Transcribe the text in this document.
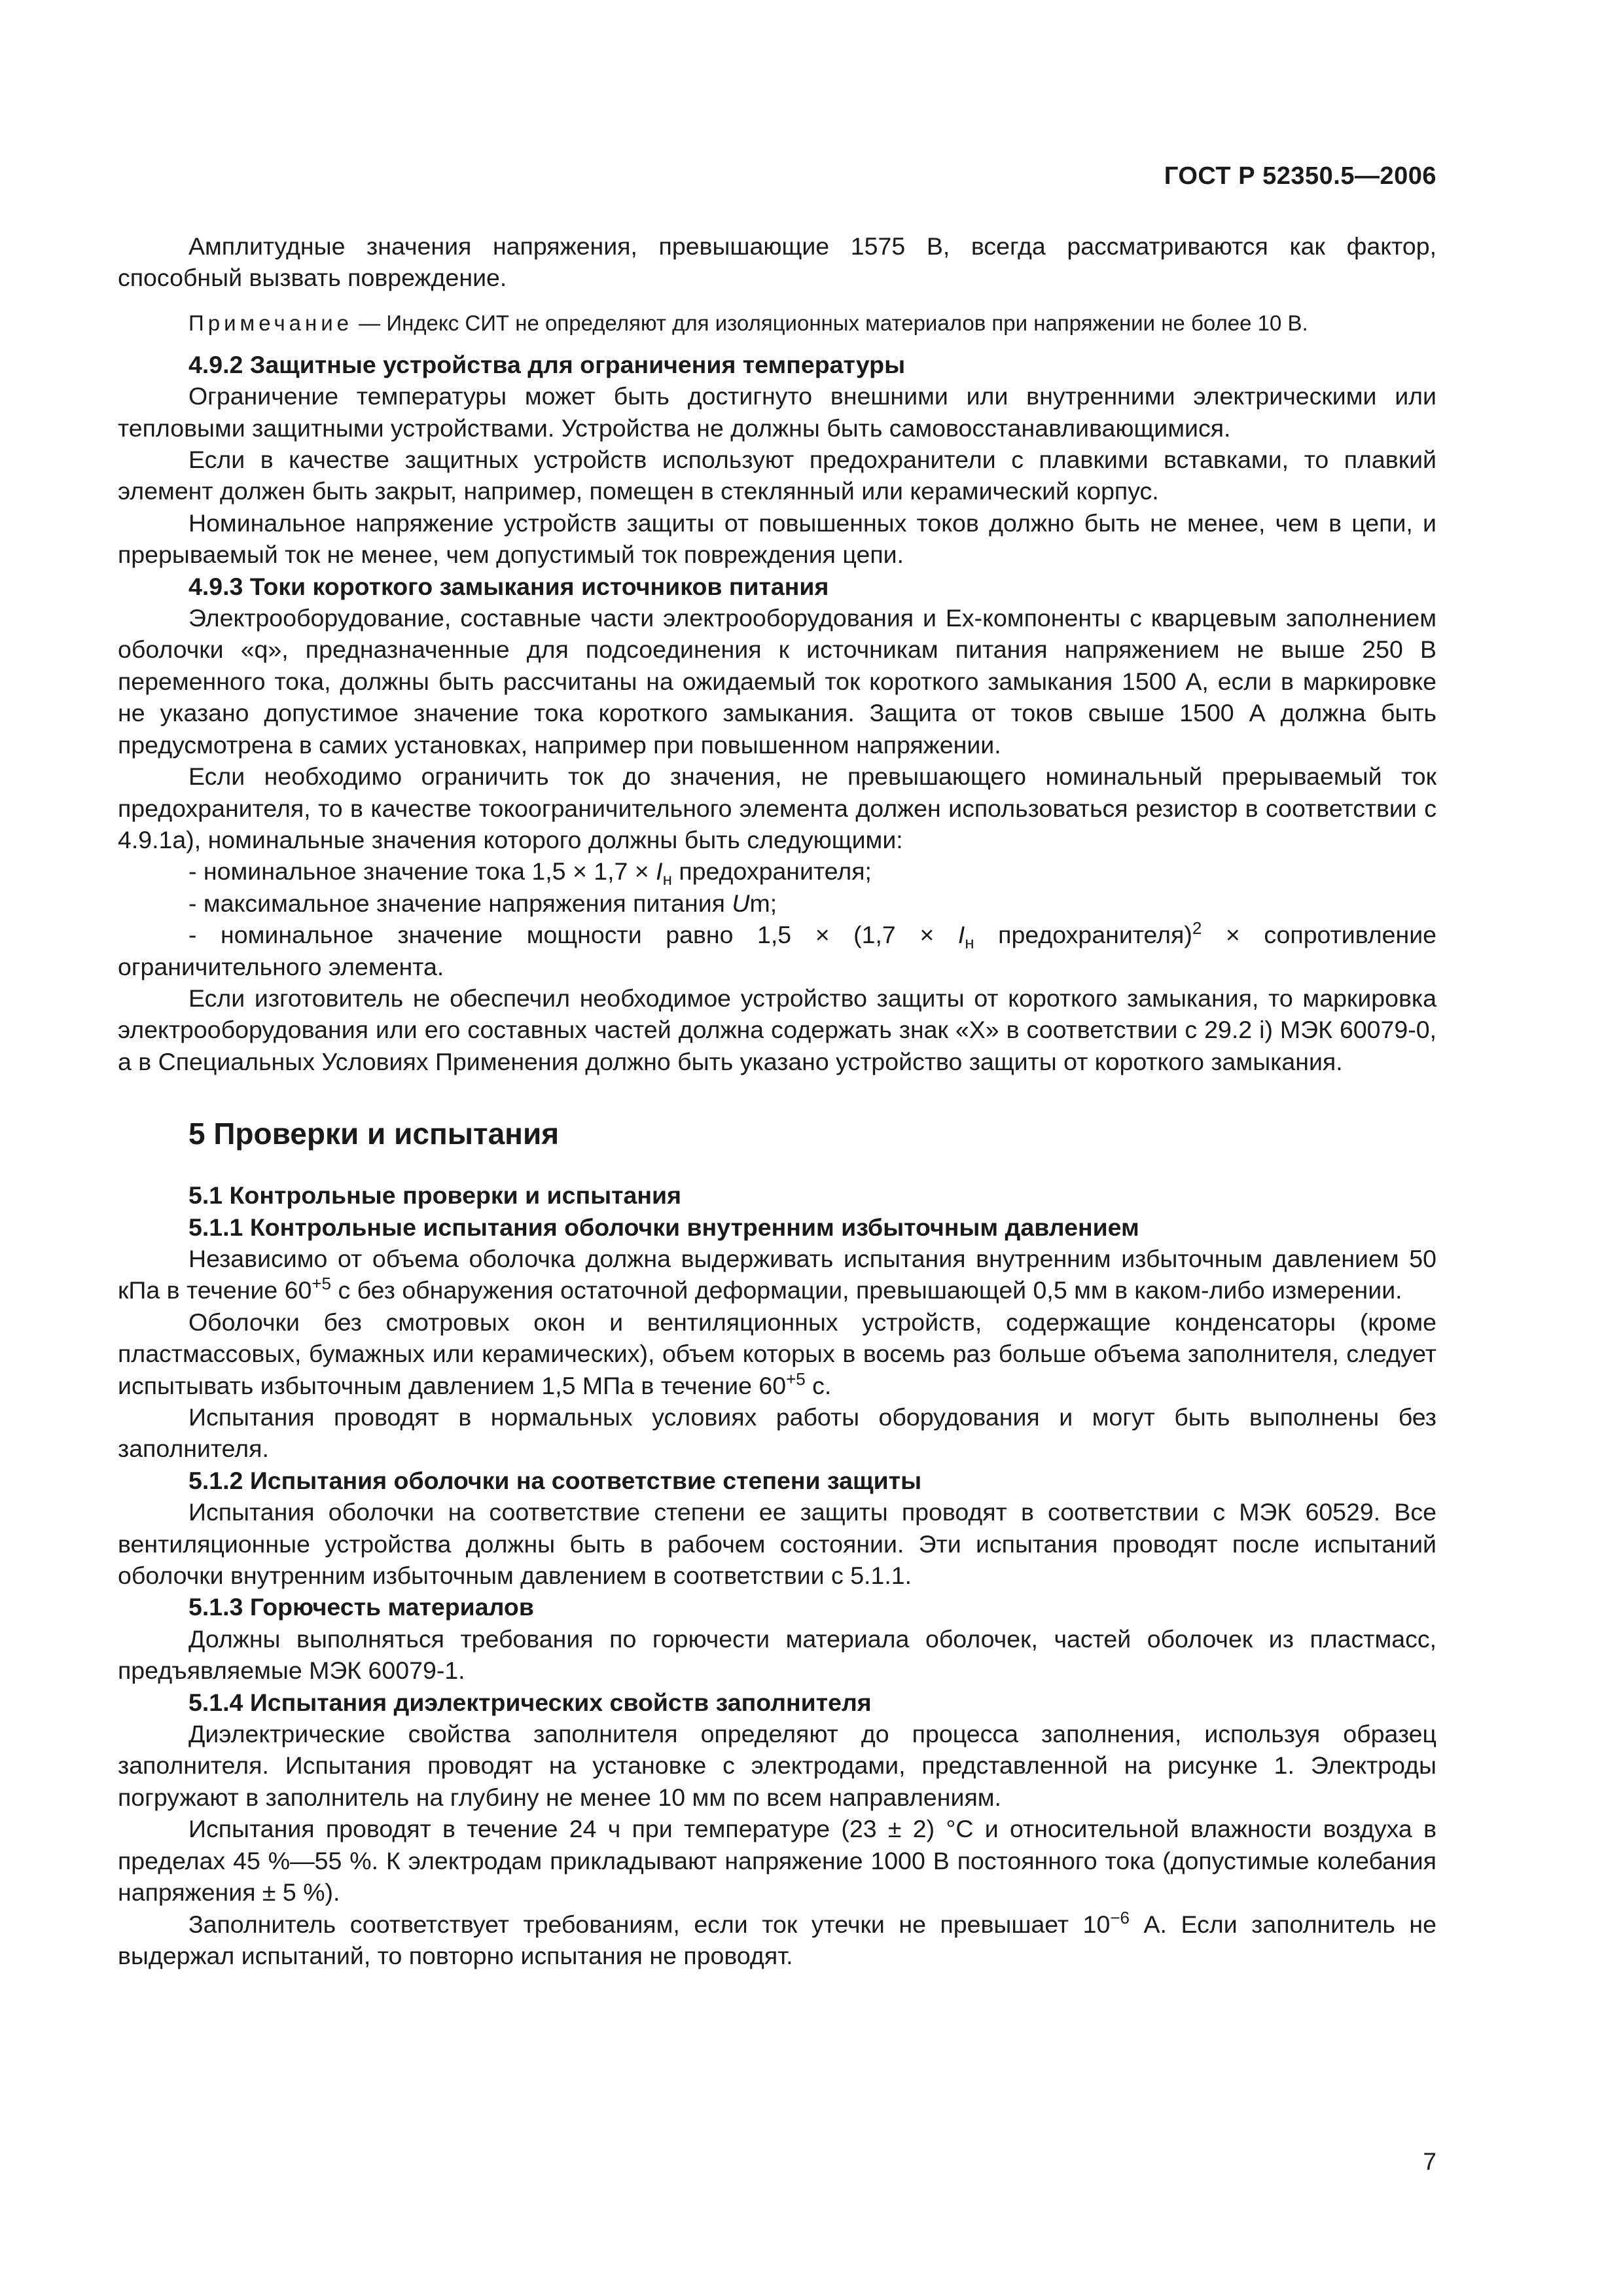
ГОСТ Р 52350.5—2006

Амплитудные значения напряжения, превышающие 1575 В, всегда рассматриваются как фактор, способный вызвать повреждение.

Примечание — Индекс СИТ не определяют для изоляционных материалов при напряжении не более 10 В.

4.9.2 Защитные устройства для ограничения температуры

Ограничение температуры может быть достигнуто внешними или внутренними электрическими или тепловыми защитными устройствами. Устройства не должны быть самовосстанавливающимися.

Если в качестве защитных устройств используют предохранители с плавкими вставками, то плавкий элемент должен быть закрыт, например, помещен в стеклянный или керамический корпус.

Номинальное напряжение устройств защиты от повышенных токов должно быть не менее, чем в цепи, и прерываемый ток не менее, чем допустимый ток повреждения цепи.

4.9.3 Токи короткого замыкания источников питания

Электрооборудование, составные части электрооборудования и Ex-компоненты с кварцевым заполнением оболочки «q», предназначенные для подсоединения к источникам питания напряжением не выше 250 В переменного тока, должны быть рассчитаны на ожидаемый ток короткого замыкания 1500 А, если в маркировке не указано допустимое значение тока короткого замыкания. Защита от токов свыше 1500 А должна быть предусмотрена в самих установках, например при повышенном напряжении.

Если необходимо ограничить ток до значения, не превышающего номинальный прерываемый ток предохранителя, то в качестве токоограничительного элемента должен использоваться резистор в соответствии с 4.9.1а), номинальные значения которого должны быть следующими:

- номинальное значение тока $1,5 \times 1,7 \times I_н$ предохранителя;

- максимальное значение напряжения питания Um;

- номинальное значение мощности равно $1,5 \times (1,7 \times I_н$ предохранителя)$^2$ × сопротивление ограничительного элемента.

Если изготовитель не обеспечил необходимое устройство защиты от короткого замыкания, то маркировка электрооборудования или его составных частей должна содержать знак «X» в соответствии с 29.2 i) МЭК 60079-0, а в Специальных Условиях Применения должно быть указано устройство защиты от короткого замыкания.

5 Проверки и испытания
5.1 Контрольные проверки и испытания
5.1.1 Контрольные испытания оболочки внутренним избыточным давлением

Независимо от объема оболочка должна выдерживать испытания внутренним избыточным давлением 50 кПа в течение $60^{+5}$ с без обнаружения остаточной деформации, превышающей 0,5 мм в каком-либо измерении.

Оболочки без смотровых окон и вентиляционных устройств, содержащие конденсаторы (кроме пластмассовых, бумажных или керамических), объем которых в восемь раз больше объема заполнителя, следует испытывать избыточным давлением 1,5 МПа в течение $60^{+5}$ с.

Испытания проводят в нормальных условиях работы оборудования и могут быть выполнены без заполнителя.

5.1.2 Испытания оболочки на соответствие степени защиты

Испытания оболочки на соответствие степени ее защиты проводят в соответствии с МЭК 60529. Все вентиляционные устройства должны быть в рабочем состоянии. Эти испытания проводят после испытаний оболочки внутренним избыточным давлением в соответствии с 5.1.1.

5.1.3 Горючесть материалов

Должны выполняться требования по горючести материала оболочек, частей оболочек из пластмасс, предъявляемые МЭК 60079-1.

5.1.4 Испытания диэлектрических свойств заполнителя

Диэлектрические свойства заполнителя определяют до процесса заполнения, используя образец заполнителя. Испытания проводят на установке с электродами, представленной на рисунке 1. Электроды погружают в заполнитель на глубину не менее 10 мм по всем направлениям.

Испытания проводят в течение 24 ч при температуре (23 ± 2) °С и относительной влажности воздуха в пределах 45 %—55 %. К электродам прикладывают напряжение 1000 В постоянного тока (допустимые колебания напряжения ± 5 %).

Заполнитель соответствует требованиям, если ток утечки не превышает $10^{-6}$ А. Если заполнитель не выдержал испытаний, то повторно испытания не проводят.

7
